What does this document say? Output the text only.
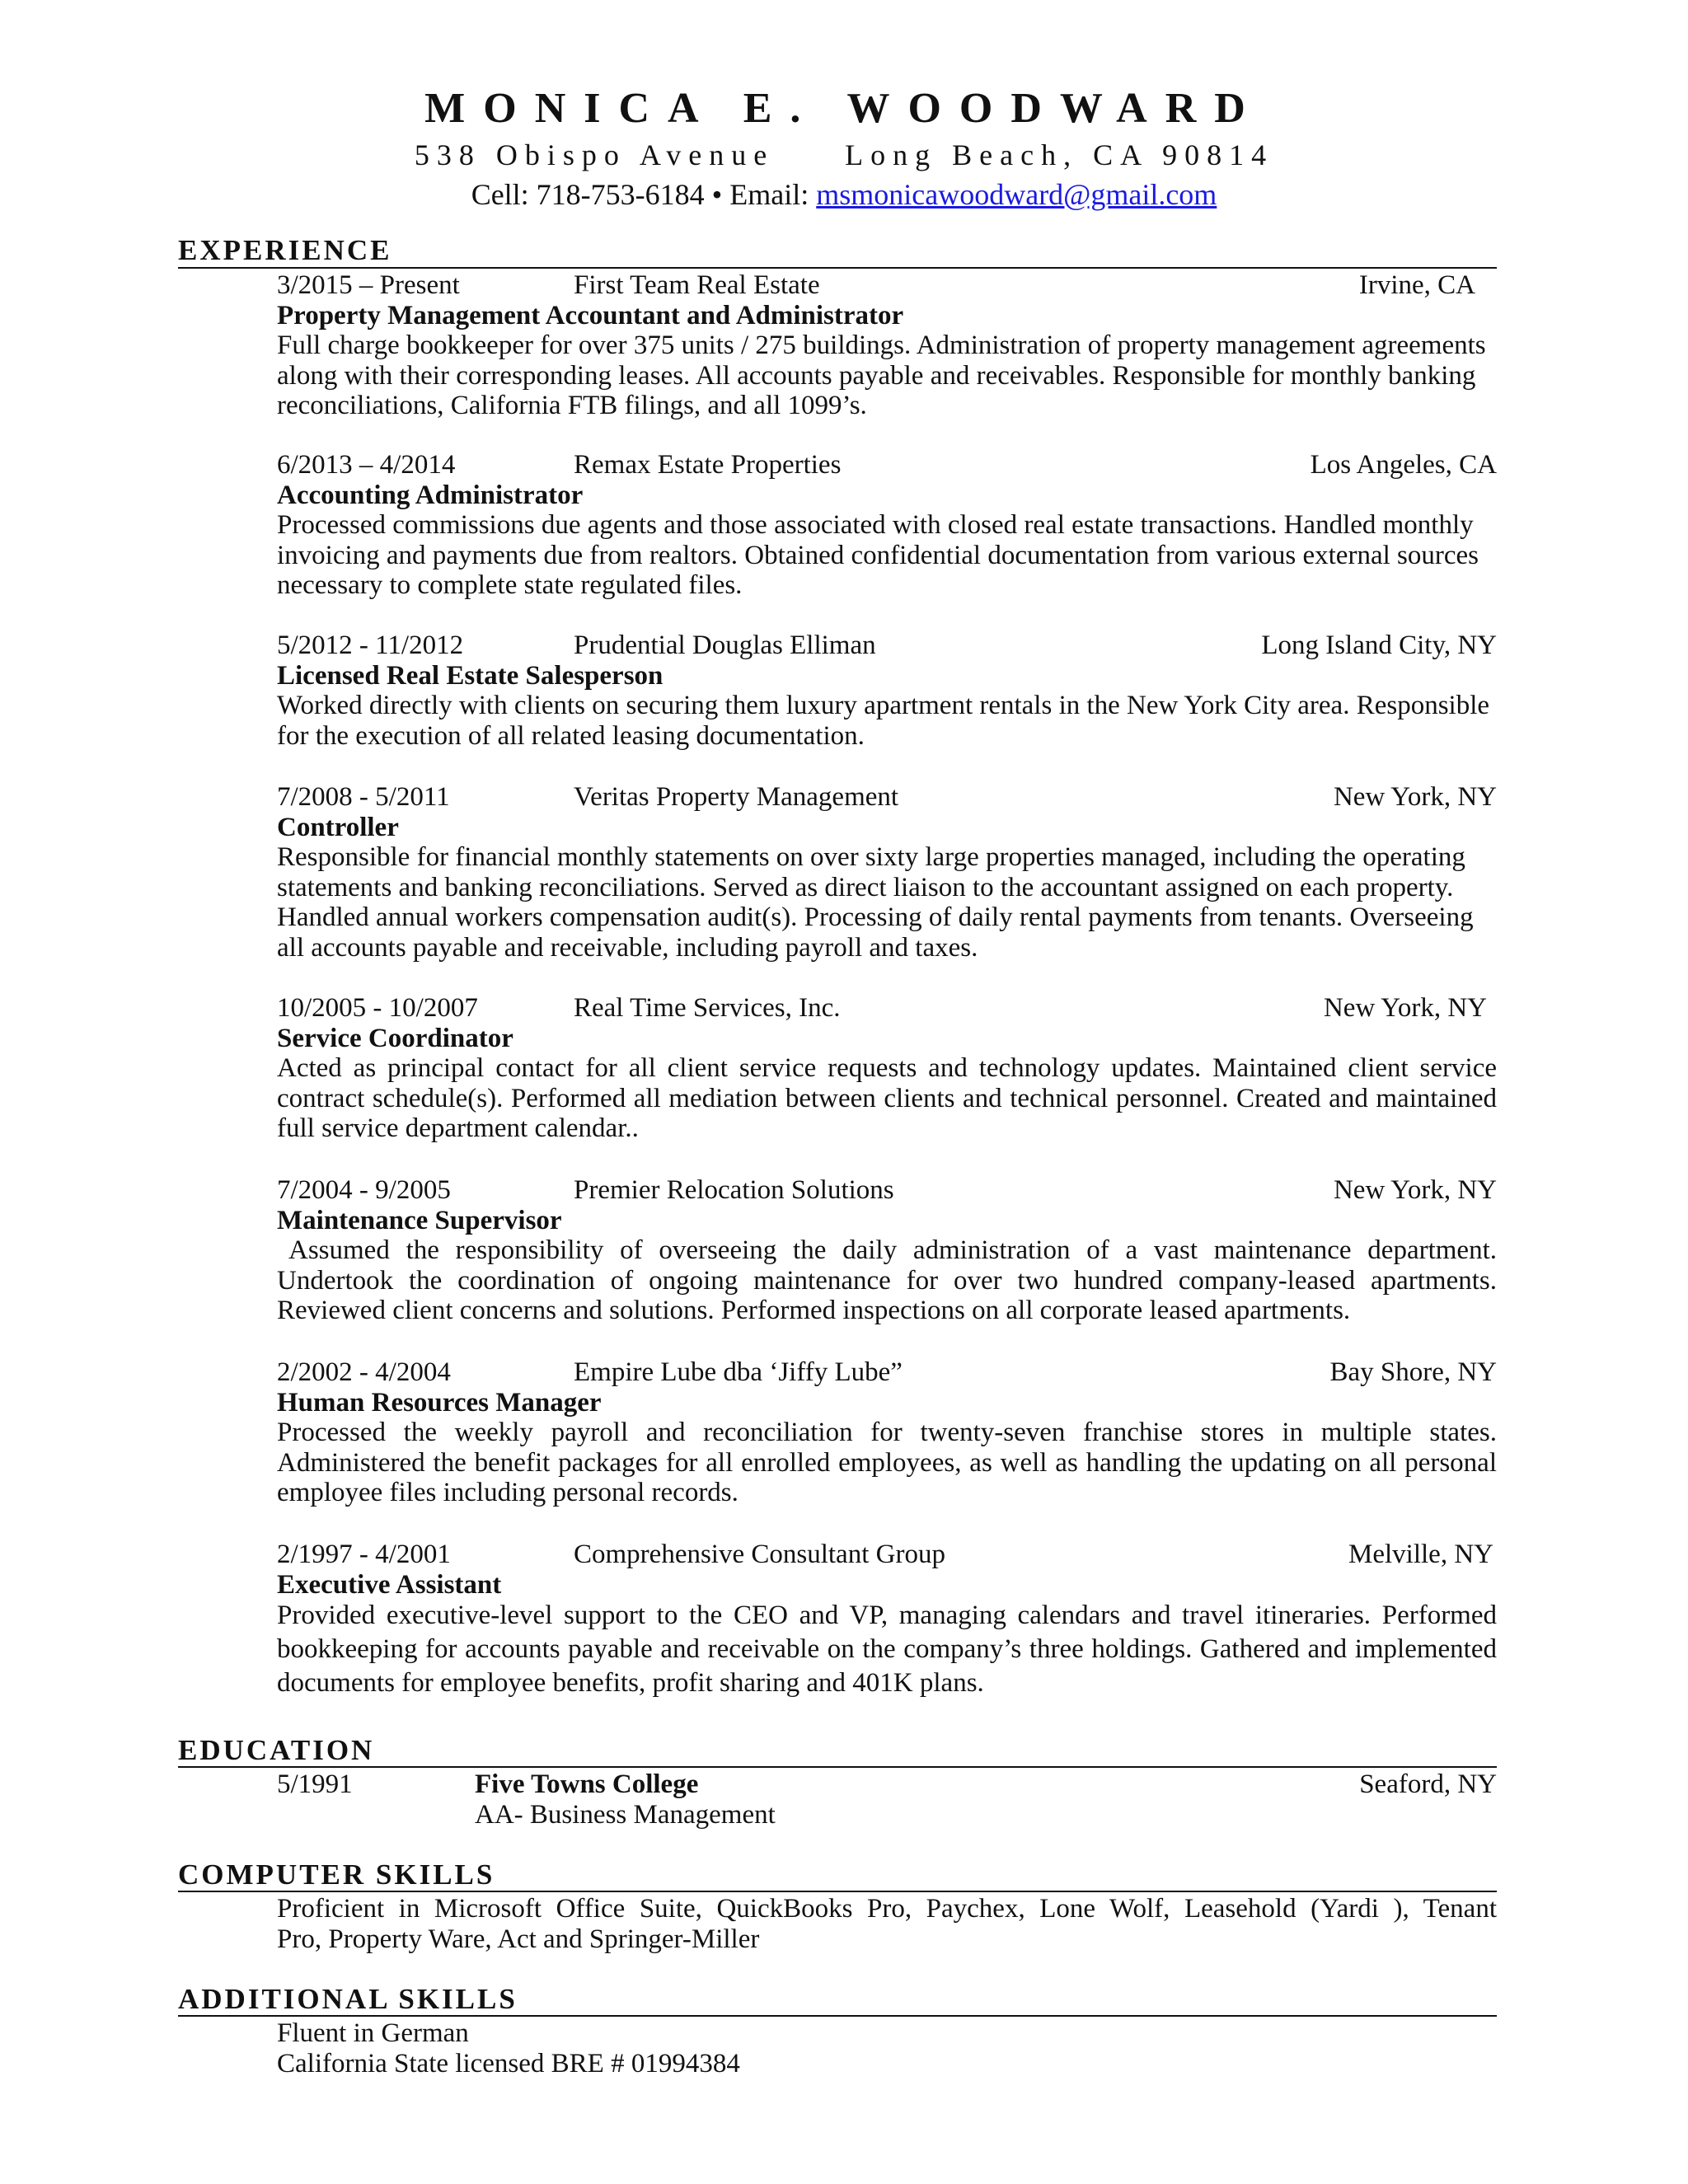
MONICA E. WOODWARD
538 Obispo Avenue Long Beach, CA 90814
Cell: 718-753-6184 • Email: msmonicawoodward@gmail.com
EXPERIENCE
3/2015 – Present	First Team Real Estate	Irvine, CA
Property Management Accountant and Administrator
Full charge bookkeeper for over 375 units / 275 buildings. Administration of property management agreements along with their corresponding leases. All accounts payable and receivables. Responsible for monthly banking reconciliations, California FTB filings, and all 1099’s.
6/2013 – 4/2014	Remax Estate Properties	Los Angeles, CA
Accounting Administrator
Processed commissions due agents and those associated with closed real estate transactions. Handled monthly invoicing and payments due from realtors. Obtained confidential documentation from various external sources necessary to complete state regulated files.
5/2012 - 11/2012	Prudential Douglas Elliman	Long Island City, NY
Licensed Real Estate Salesperson
Worked directly with clients on securing them luxury apartment rentals in the New York City area. Responsible for the execution of all related leasing documentation.
7/2008 - 5/2011	Veritas Property Management	New York, NY
Controller
Responsible for financial monthly statements on over sixty large properties managed, including the operating statements and banking reconciliations. Served as direct liaison to the accountant assigned on each property. Handled annual workers compensation audit(s). Processing of daily rental payments from tenants. Overseeing all accounts payable and receivable, including payroll and taxes.
10/2005 - 10/2007	Real Time Services, Inc.	New York, NY
Service Coordinator
Acted as principal contact for all client service requests and technology updates. Maintained client service contract schedule(s). Performed all mediation between clients and technical personnel. Created and maintained full service department calendar..
7/2004 - 9/2005	Premier Relocation Solutions	New York, NY
Maintenance Supervisor
Assumed the responsibility of overseeing the daily administration of a vast maintenance department. Undertook the coordination of ongoing maintenance for over two hundred company-leased apartments. Reviewed client concerns and solutions. Performed inspections on all corporate leased apartments.
2/2002 - 4/2004	Empire Lube dba ‘Jiffy Lube”	Bay Shore, NY
Human Resources Manager
Processed the weekly payroll and reconciliation for twenty-seven franchise stores in multiple states. Administered the benefit packages for all enrolled employees, as well as handling the updating on all personal employee files including personal records.
2/1997 - 4/2001	Comprehensive Consultant Group	Melville, NY
Executive Assistant
Provided executive-level support to the CEO and VP, managing calendars and travel itineraries. Performed bookkeeping for accounts payable and receivable on the company’s three holdings. Gathered and implemented documents for employee benefits, profit sharing and 401K plans.
EDUCATION
5/1991	Five Towns College	Seaford, NY
AA- Business Management
COMPUTER SKILLS
Proficient in Microsoft Office Suite, QuickBooks Pro, Paychex, Lone Wolf, Leasehold (Yardi ), Tenant
Pro, Property Ware, Act and Springer-Miller
ADDITIONAL SKILLS
Fluent in German
California State licensed BRE # 01994384
